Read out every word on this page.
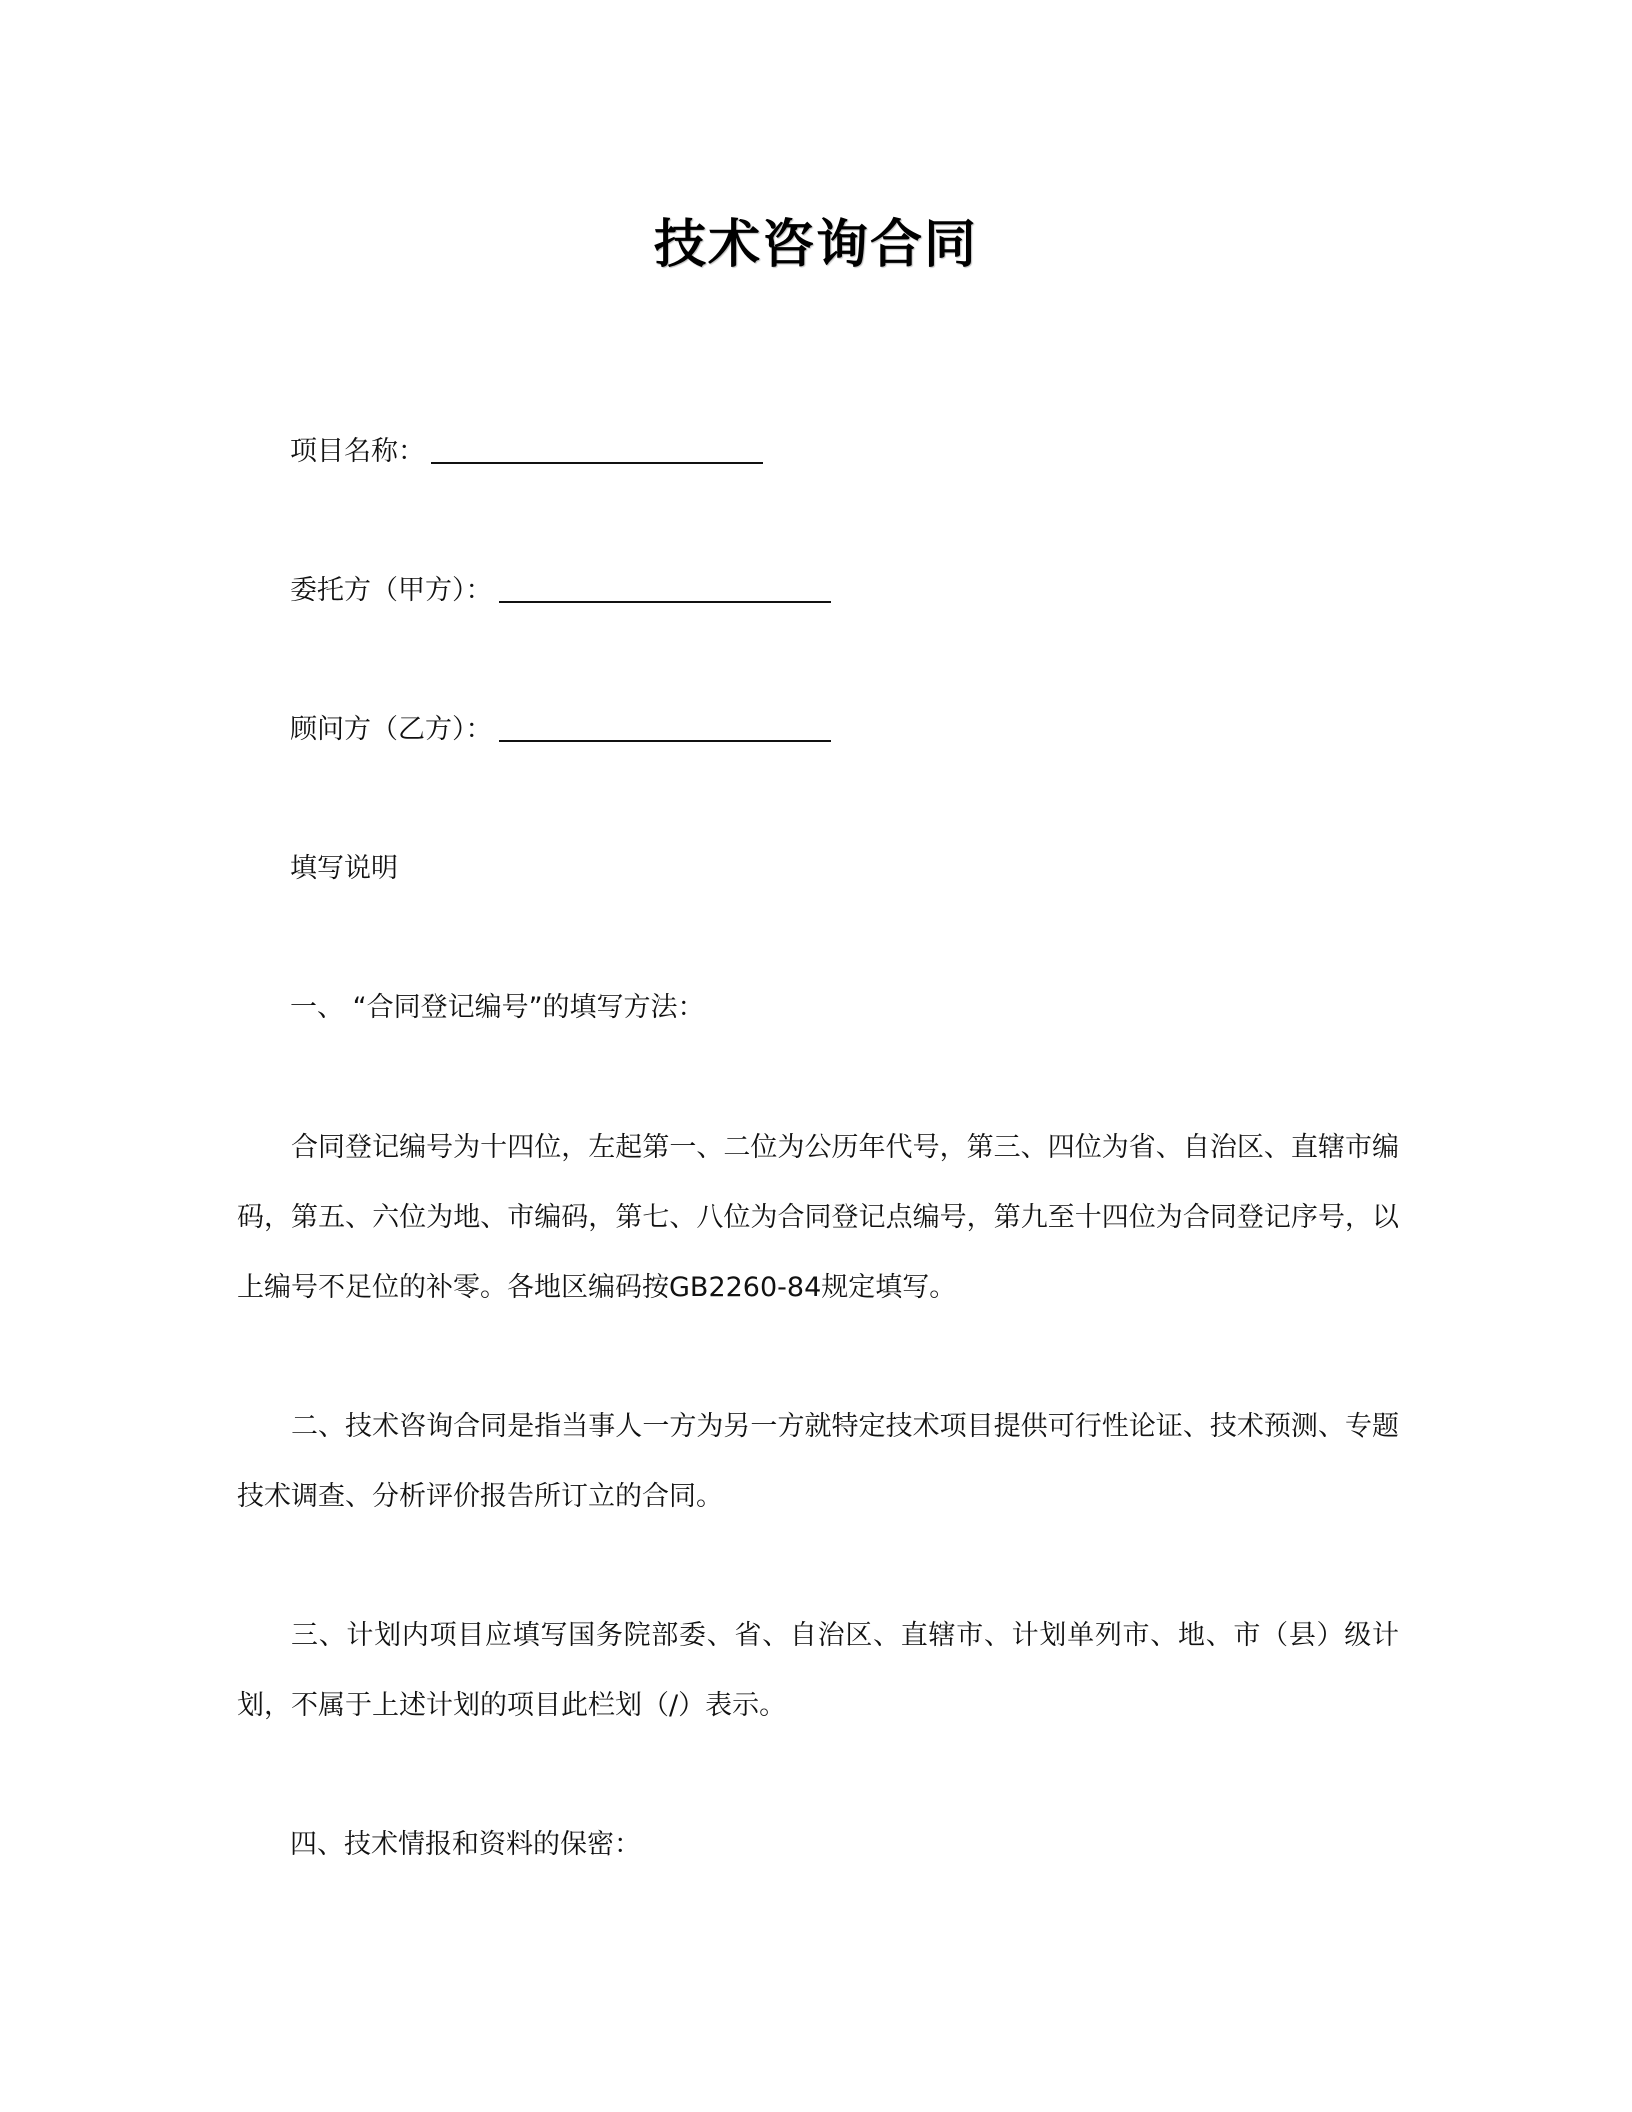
技术咨询合同
项目名称：
委托方（甲方）：
顾问方（乙方）：
填写说明
一、 “合同登记编号”的填写方法：

合同登记编号为十四位，左起第一、二位为公历年代号，第三、四位为省、自治区、直辖市编码，第五、六位为地、市编码，第七、八位为合同登记点编号，第九至十四位为合同登记序号，以上编号不足位的补零。各地区编码按GB2260-84规定填写。

二、技术咨询合同是指当事人一方为另一方就特定技术项目提供可行性论证、技术预测、专题技术调查、分析评价报告所订立的合同。

三、计划内项目应填写国务院部委、省、自治区、直辖市、计划单列市、地、市（县）级计划，不属于上述计划的项目此栏划（/）表示。

四、技术情报和资料的保密：
